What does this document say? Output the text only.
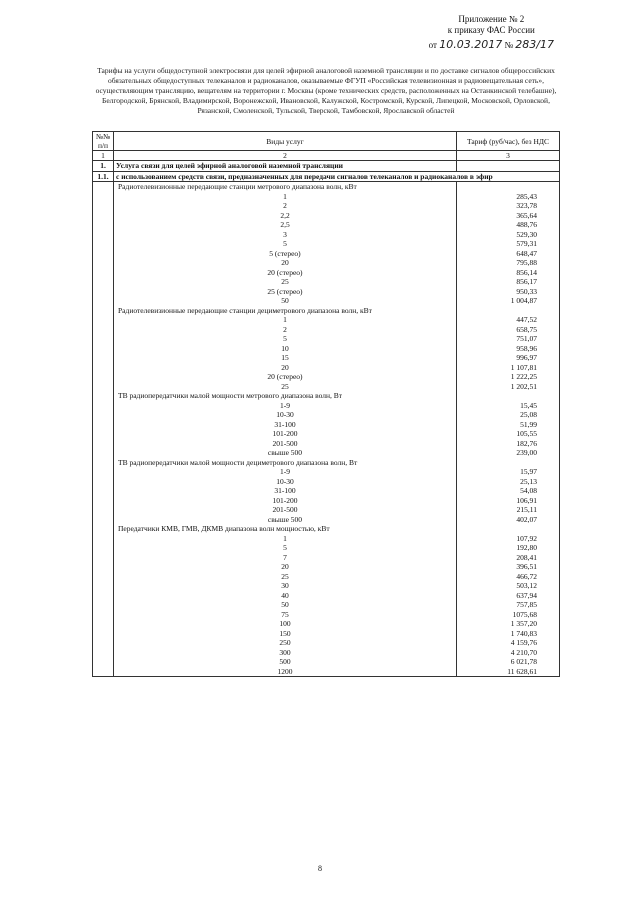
Приложение № 2
к приказу ФАС России
от 10.03.2017 № 283/17
Тарифы на услуги общедоступной электросвязи для целей эфирной аналоговой наземной трансляции и по доставке сигналов общероссийских обязательных общедоступных телеканалов и радиоканалов, оказываемые ФГУП «Российская телевизионная и радиовещательная сеть», осуществляющим трансляцию, вещателям на территории г. Москвы (кроме технических средств, расположенных на Останкинской телебашне), Белгородской, Брянской, Владимирской, Воронежской, Ивановской, Калужской, Костромской, Курской, Липецкой, Московской, Орловской, Рязанской, Смоленской, Тульской, Тверской, Тамбовской, Ярославской областей
№№ п/п	Виды услуг	Тариф (руб/час), без НДС
1	2	3
1.	Услуга связи для целей эфирной аналоговой наземной трансляции	
1.1.	с использованием средств связи, предназначенных для передачи сигналов телеканалов и радиоканалов в эфир	
	Радиотелевизионные передающие станции метрового диапазона волн, кВт	
	1	285,43
	2	323,78
	2,2	365,64
	2,5	488,76
	3	529,30
	5	579,31
	5 (стерео)	648,47
	20	795,88
	20 (стерео)	856,14
	25	856,17
	25 (стерео)	950,33
	50	1 004,87
	Радиотелевизионные передающие станции дециметрового диапазона волн, кВт	
	1	447,52
	2	658,75
	5	751,07
	10	958,96
	15	996,97
	20	1 107,81
	20 (стерео)	1 222,25
	25	1 202,51
	ТВ радиопередатчики малой мощности метрового диапазона волн, Вт	
	1-9	15,45
	10-30	25,08
	31-100	51,99
	101-200	105,55
	201-500	182,76
	свыше 500	239,00
	ТВ радиопередатчики малой мощности дециметрового диапазона волн, Вт	
	1-9	15,97
	10-30	25,13
	31-100	54,08
	101-200	106,91
	201-500	215,11
	свыше 500	402,07
	Передатчики КМВ, ГМВ, ДКМВ диапазона волн мощностью, кВт	
	1	107,92
	5	192,80
	7	208,41
	20	396,51
	25	466,72
	30	503,12
	40	637,94
	50	757,85
	75	1075,68
	100	1 357,20
	150	1 740,83
	250	4 159,76
	300	4 210,70
	500	6 021,78
	1200	11 628,61
8
